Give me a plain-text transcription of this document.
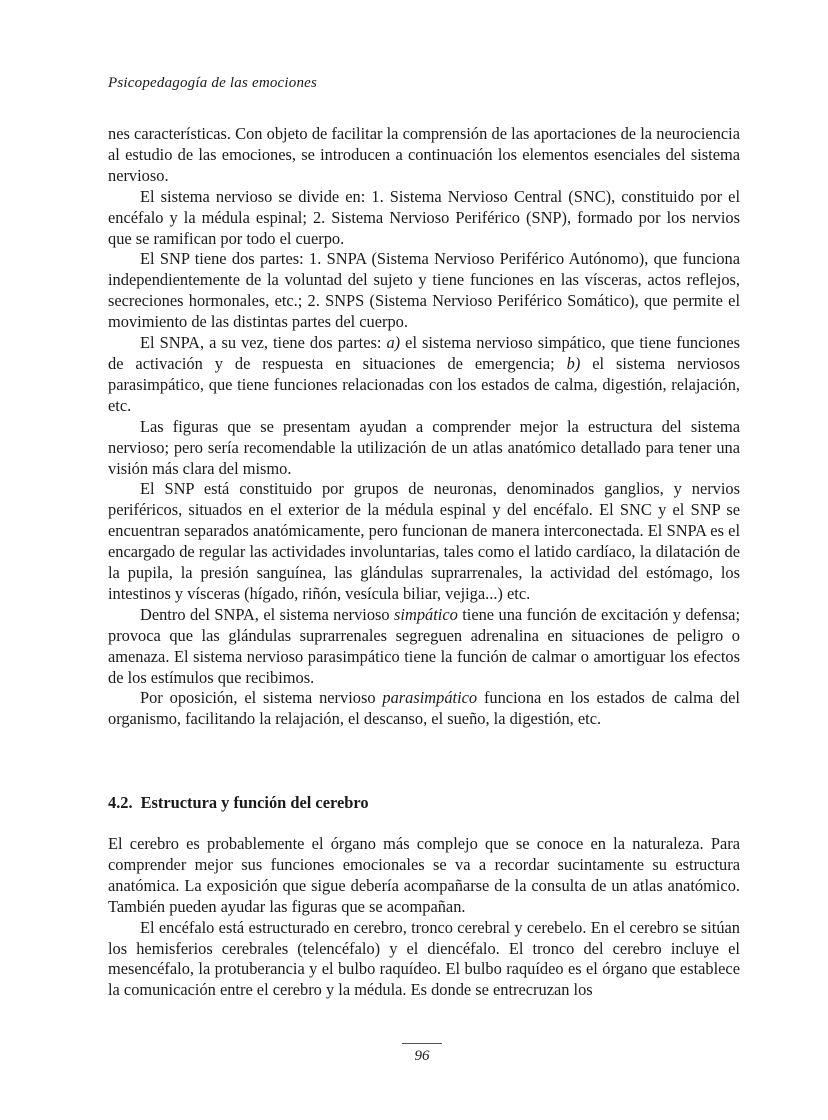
Psicopedagogía de las emociones

nes características. Con objeto de facilitar la comprensión de las aportaciones de la neurociencia al estudio de las emociones, se introducen a continuación los elementos esenciales del sistema nervioso.

El sistema nervioso se divide en: 1. Sistema Nervioso Central (SNC), constituido por el encéfalo y la médula espinal; 2. Sistema Nervioso Periférico (SNP), formado por los nervios que se ramifican por todo el cuerpo.

El SNP tiene dos partes: 1. SNPA (Sistema Nervioso Periférico Autónomo), que funciona independientemente de la voluntad del sujeto y tiene funciones en las vísceras, actos reflejos, secreciones hormonales, etc.; 2. SNPS (Sistema Nervioso Periférico Somático), que permite el movimiento de las distintas partes del cuerpo.

El SNPA, a su vez, tiene dos partes: a) el sistema nervioso simpático, que tiene funciones de activación y de respuesta en situaciones de emergencia; b) el sistema nerviosos parasimpático, que tiene funciones relacionadas con los estados de calma, digestión, relajación, etc.

Las figuras que se presentam ayudan a comprender mejor la estructura del sistema nervioso; pero sería recomendable la utilización de un atlas anatómico detallado para tener una visión más clara del mismo.

El SNP está constituido por grupos de neuronas, denominados ganglios, y nervios periféricos, situados en el exterior de la médula espinal y del encéfalo. El SNC y el SNP se encuentran separados anatómicamente, pero funcionan de manera interconectada. El SNPA es el encargado de regular las actividades involuntarias, tales como el latido cardíaco, la dilatación de la pupila, la presión sanguínea, las glándulas suprarrenales, la actividad del estómago, los intestinos y vísceras (hígado, riñón, vesícula biliar, vejiga...) etc.

Dentro del SNPA, el sistema nervioso simpático tiene una función de excitación y defensa; provoca que las glándulas suprarrenales segreguen adrenalina en situaciones de peligro o amenaza. El sistema nervioso parasimpático tiene la función de calmar o amortiguar los efectos de los estímulos que recibimos.

Por oposición, el sistema nervioso parasimpático funciona en los estados de calma del organismo, facilitando la relajación, el descanso, el sueño, la digestión, etc.

4.2. Estructura y función del cerebro

El cerebro es probablemente el órgano más complejo que se conoce en la naturaleza. Para comprender mejor sus funciones emocionales se va a recordar sucintamente su estructura anatómica. La exposición que sigue debería acompañarse de la consulta de un atlas anatómico. También pueden ayudar las figuras que se acompañan.

El encéfalo está estructurado en cerebro, tronco cerebral y cerebelo. En el cerebro se sitúan los hemisferios cerebrales (telencéfalo) y el diencéfalo. El tronco del cerebro incluye el mesencéfalo, la protuberancia y el bulbo raquídeo. El bulbo raquídeo es el órgano que establece la comunicación entre el cerebro y la médula. Es donde se entrecruzan los

96
